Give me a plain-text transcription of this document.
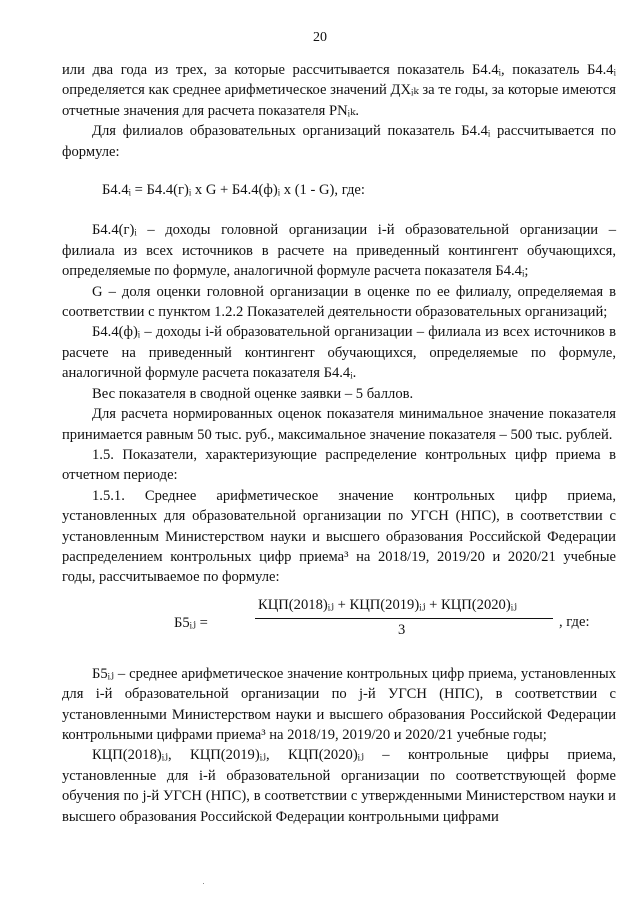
20

или два года из трех, за которые рассчитывается показатель Б4.4ᵢ, показатель Б4.4ᵢ определяется как среднее арифметическое значений ДXᵢₖ за те годы, за которые имеются отчетные значения для расчета показателя PNᵢₖ.

Для филиалов образовательных организаций показатель Б4.4ᵢ рассчитывается по формуле:

Б4.4ᵢ = Б4.4(г)ᵢ x G + Б4.4(ф)ᵢ x (1 - G), где:

Б4.4(г)ᵢ – доходы головной организации i-й образовательной организации – филиала из всех источников в расчете на приведенный контингент обучающихся, определяемые по формуле, аналогичной формуле расчета показателя Б4.4ᵢ;

G – доля оценки головной организации в оценке по ее филиалу, определяемая в соответствии с пунктом 1.2.2 Показателей деятельности образовательных организаций;

Б4.4(ф)ᵢ – доходы i-й образовательной организации – филиала из всех источников в расчете на приведенный контингент обучающихся, определяемые по формуле, аналогичной формуле расчета показателя Б4.4ᵢ.

Вес показателя в сводной оценке заявки – 5 баллов.

Для расчета нормированных оценок показателя минимальное значение показателя принимается равным 50 тыс. руб., максимальное значение показателя – 500 тыс. рублей.

1.5. Показатели, характеризующие распределение контрольных цифр приема в отчетном периоде:

1.5.1. Среднее арифметическое значение контрольных цифр приема, установленных для образовательной организации по УГСН (НПС), в соответствии с установленным Министерством науки и высшего образования Российской Федерации распределением контрольных цифр приема³ на 2018/19, 2019/20 и 2020/21 учебные годы, рассчитываемое по формуле:

Б5ᵢⱼ =
КЦП(2018)ᵢⱼ + КЦП(2019)ᵢⱼ + КЦП(2020)ᵢⱼ
3	, где:

Б5ᵢⱼ – среднее арифметическое значение контрольных цифр приема, установленных для i-й образовательной организации по j-й УГСН (НПС), в соответствии с установленными Министерством науки и высшего образования Российской Федерации контрольными цифрами приема³ на 2018/19, 2019/20 и 2020/21 учебные годы;

КЦП(2018)ᵢⱼ, КЦП(2019)ᵢⱼ, КЦП(2020)ᵢⱼ – контрольные цифры приема, установленные для i-й образовательной организации по соответствующей форме обучения по j-й УГСН (НПС), в соответствии с утвержденными Министерством науки и высшего образования Российской Федерации контрольными цифрами
